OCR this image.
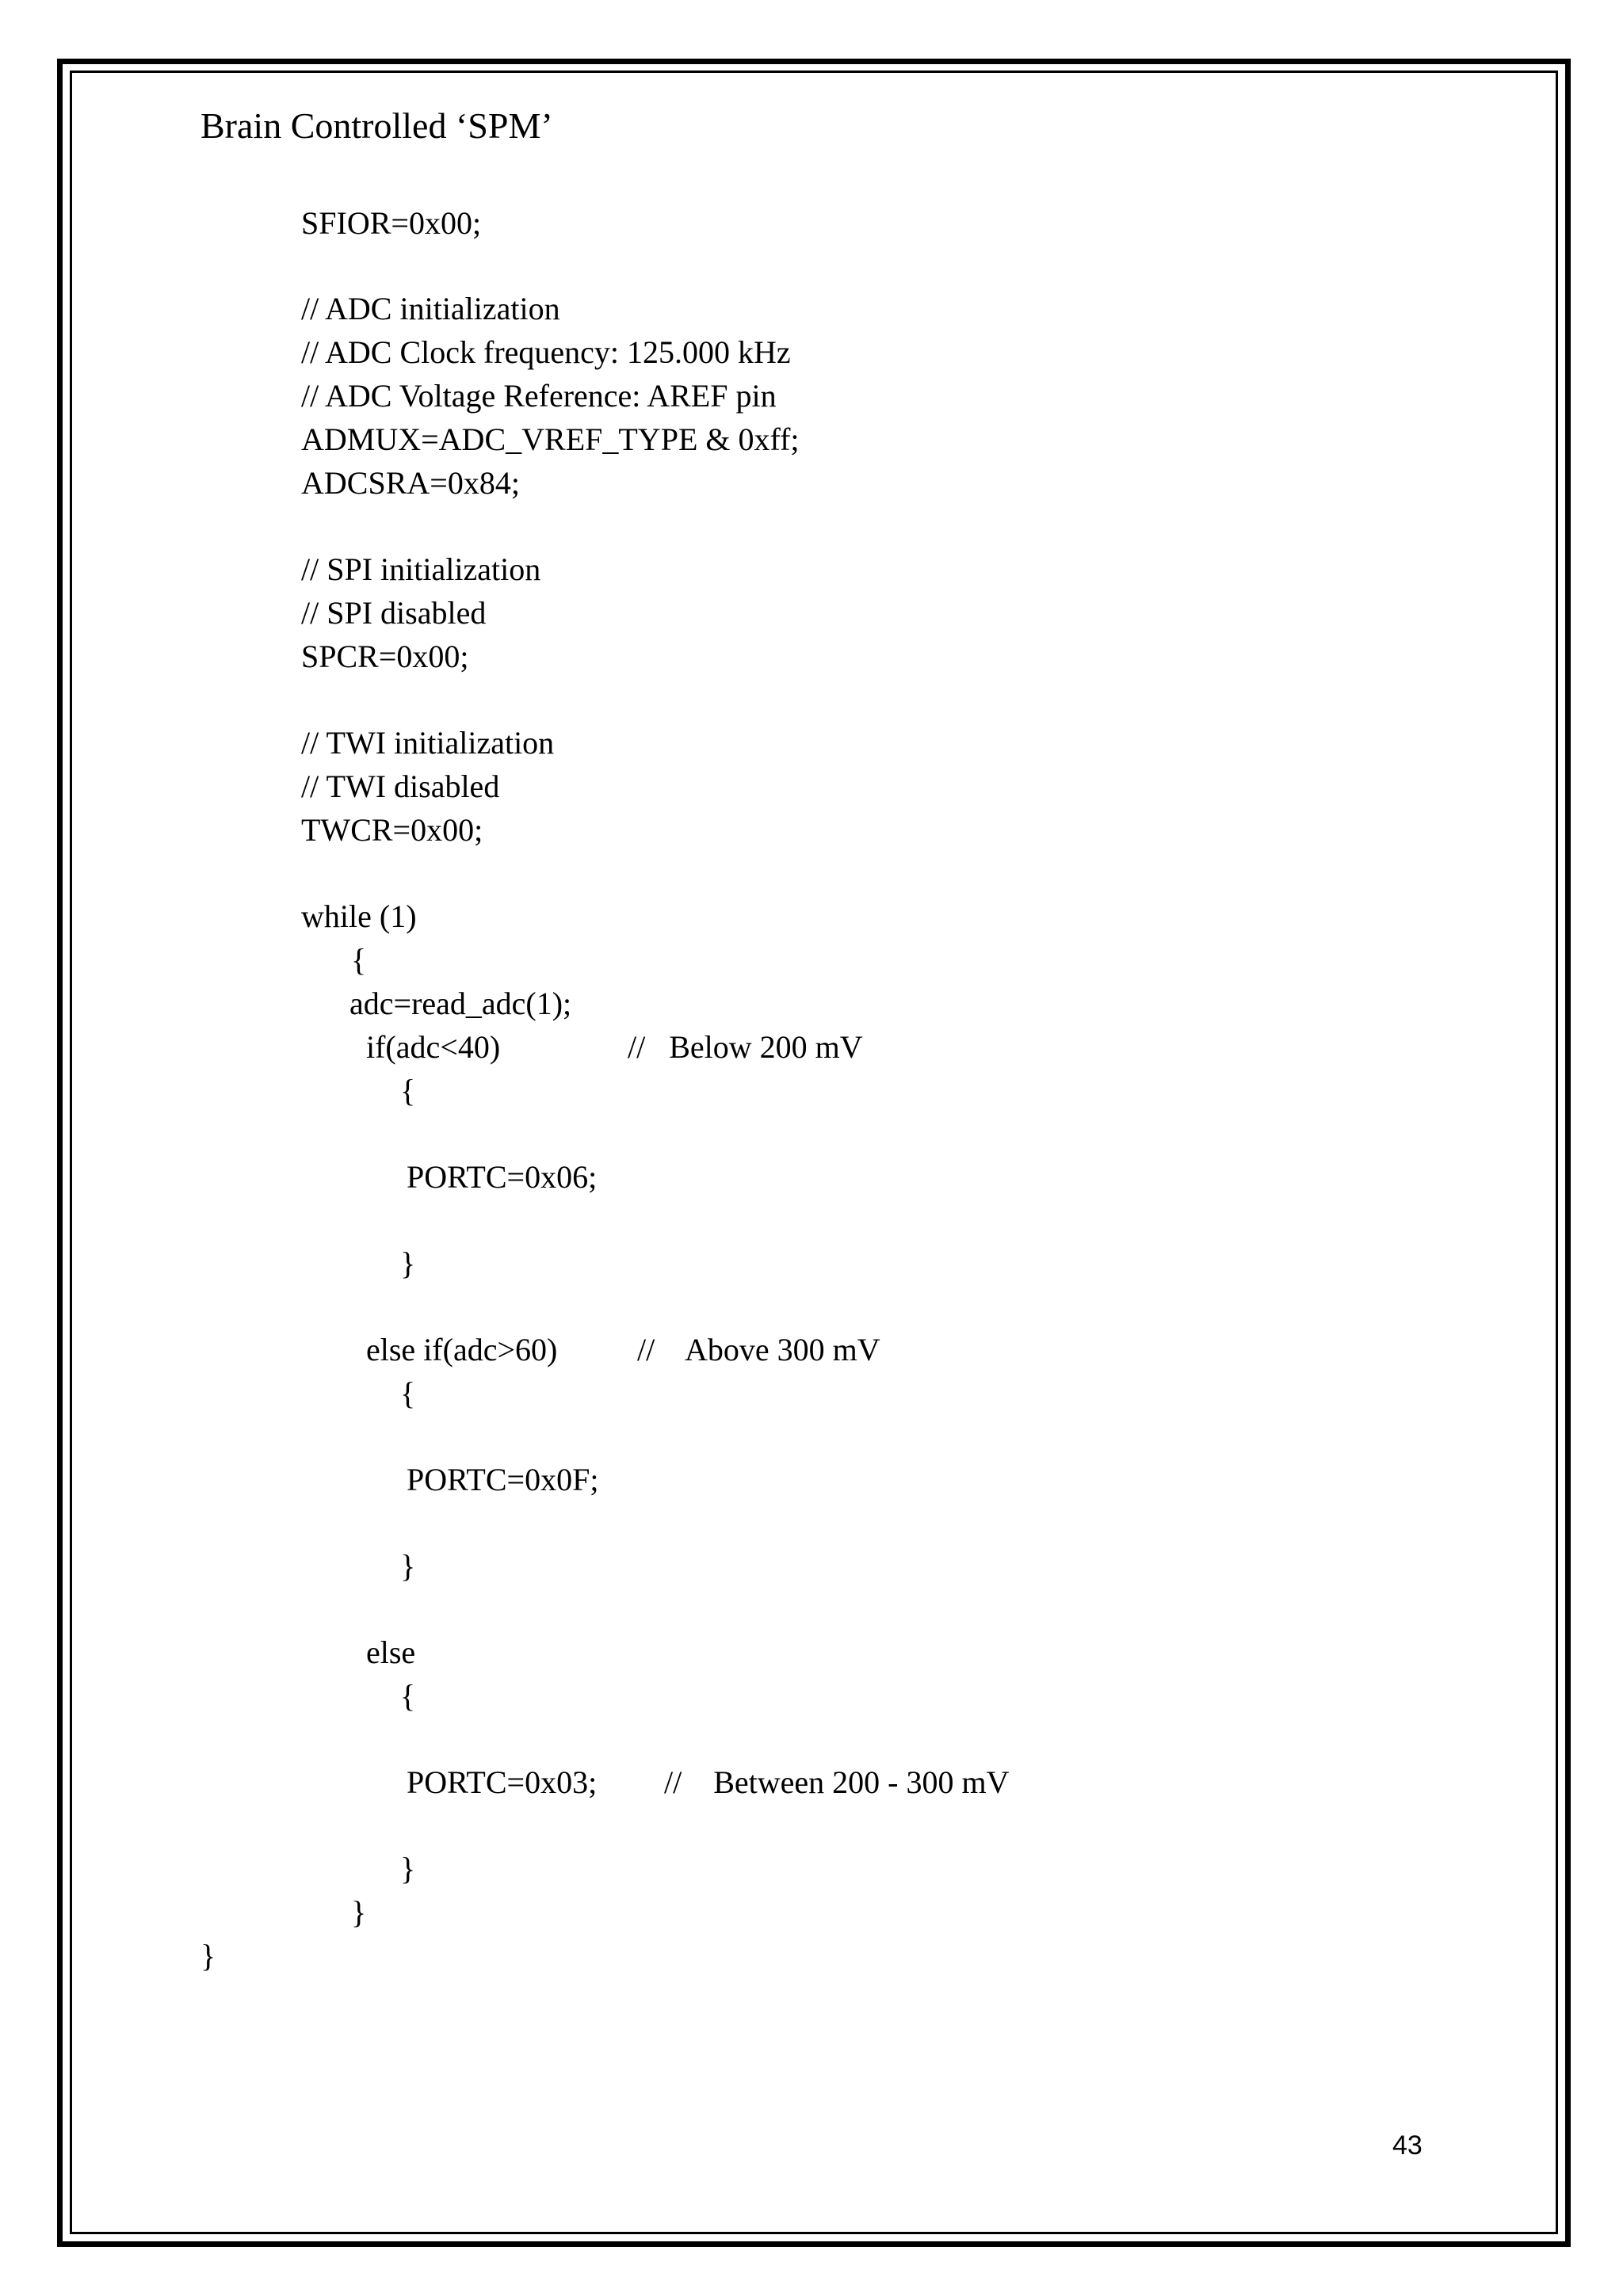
Brain Controlled ‘SPM’
SFIOR=0x00;
// ADC initialization
// ADC Clock frequency: 125.000 kHz
// ADC Voltage Reference: AREF pin
ADMUX=ADC_VREF_TYPE & 0xff;
ADCSRA=0x84;
// SPI initialization
// SPI disabled
SPCR=0x00;
// TWI initialization
// TWI disabled
TWCR=0x00;
while (1)
{
adc=read_adc(1);
if(adc<40)	//   Below 200 mV
{
PORTC=0x06;
}
else if(adc>60)	//    Above 300 mV
{
PORTC=0x0F;
}
else
{
PORTC=0x03; //    Between 200 - 300 mV
}
}
}
43
